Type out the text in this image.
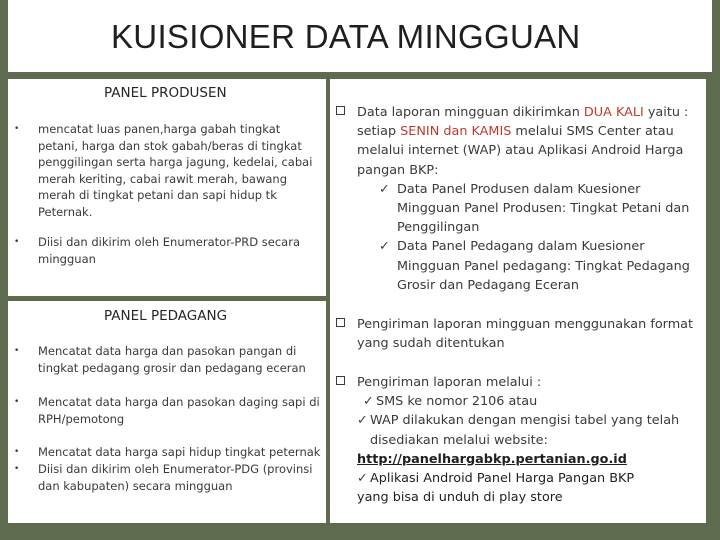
KUISIONER DATA MINGGUAN
PANEL PRODUSEN
•	mencatat luas panen,harga gabah tingkat petani, harga dan stok gabah/beras di tingkat penggilingan serta harga jagung, kedelai, cabai merah keriting, cabai rawit merah, bawang merah di tingkat petani dan sapi hidup tk Peternak.
•	Diisi dan dikirim oleh Enumerator-PRD secara mingguan
PANEL PEDAGANG
•	Mencatat data harga dan pasokan pangan di tingkat pedagang grosir dan pedagang eceran
•	Mencatat data harga dan pasokan daging sapi di RPH/pemotong
•	Mencatat data harga sapi hidup tingkat peternak
•	Diisi dan dikirim oleh Enumerator-PDG (provinsi dan kabupaten) secara mingguan
Data laporan mingguan dikirimkan DUA KALI yaitu : setiap SENIN dan KAMIS melalui SMS Center atau melalui internet (WAP) atau Aplikasi Android Harga pangan BKP:
✓ Data Panel Produsen dalam Kuesioner Mingguan Panel Produsen: Tingkat Petani dan Penggilingan
✓ Data Panel Pedagang dalam Kuesioner Mingguan Panel pedagang: Tingkat Pedagang Grosir dan Pedagang Eceran
Pengiriman laporan mingguan menggunakan format yang sudah ditentukan
Pengiriman laporan melalui :
✓ SMS ke nomor 2106 atau
✓ WAP dilakukan dengan mengisi tabel yang telah disediakan melalui website:
http://panelhargabkp.pertanian.go.id
✓ Aplikasi Android Panel Harga Pangan BKP
yang bisa di unduh di play store
